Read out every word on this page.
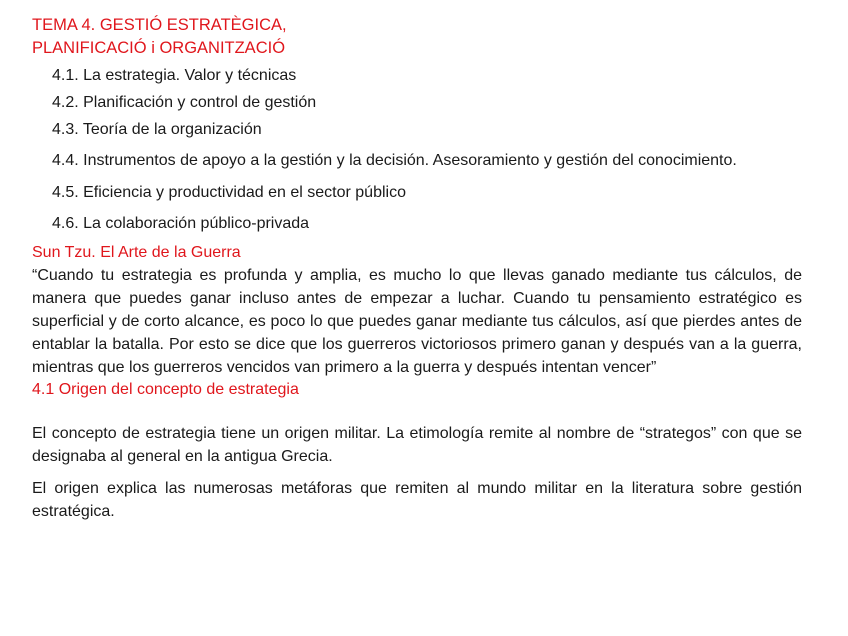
TEMA 4. GESTIÓ ESTRATÈGICA,
PLANIFICACIÓ i ORGANITZACIÓ
4.1. La estrategia. Valor y técnicas
4.2. Planificación y control de gestión
4.3. Teoría de la organización
4.4. Instrumentos de apoyo a la gestión y la decisión. Asesoramiento y gestión del conocimiento.
4.5. Eficiencia y productividad en el sector público
4.6. La colaboración público-privada
Sun Tzu. El Arte de la Guerra

“Cuando tu estrategia es profunda y amplia, es mucho lo que llevas ganado mediante tus cálculos, de manera que puedes ganar incluso antes de empezar a luchar. Cuando tu pensamiento estratégico es superficial y de corto alcance, es poco lo que puedes ganar mediante tus cálculos, así que pierdes antes de entablar la batalla. Por esto se dice que los guerreros victoriosos primero ganan y después van a la guerra, mientras que los guerreros vencidos van primero a la guerra y después intentan vencer”

4.1 Origen del concepto de estrategia

El concepto de estrategia tiene un origen militar. La etimología remite al nombre de “strategos” con que se designaba al general en la antigua Grecia.

El origen explica las numerosas metáforas que remiten al mundo militar en la literatura sobre gestión estratégica.
